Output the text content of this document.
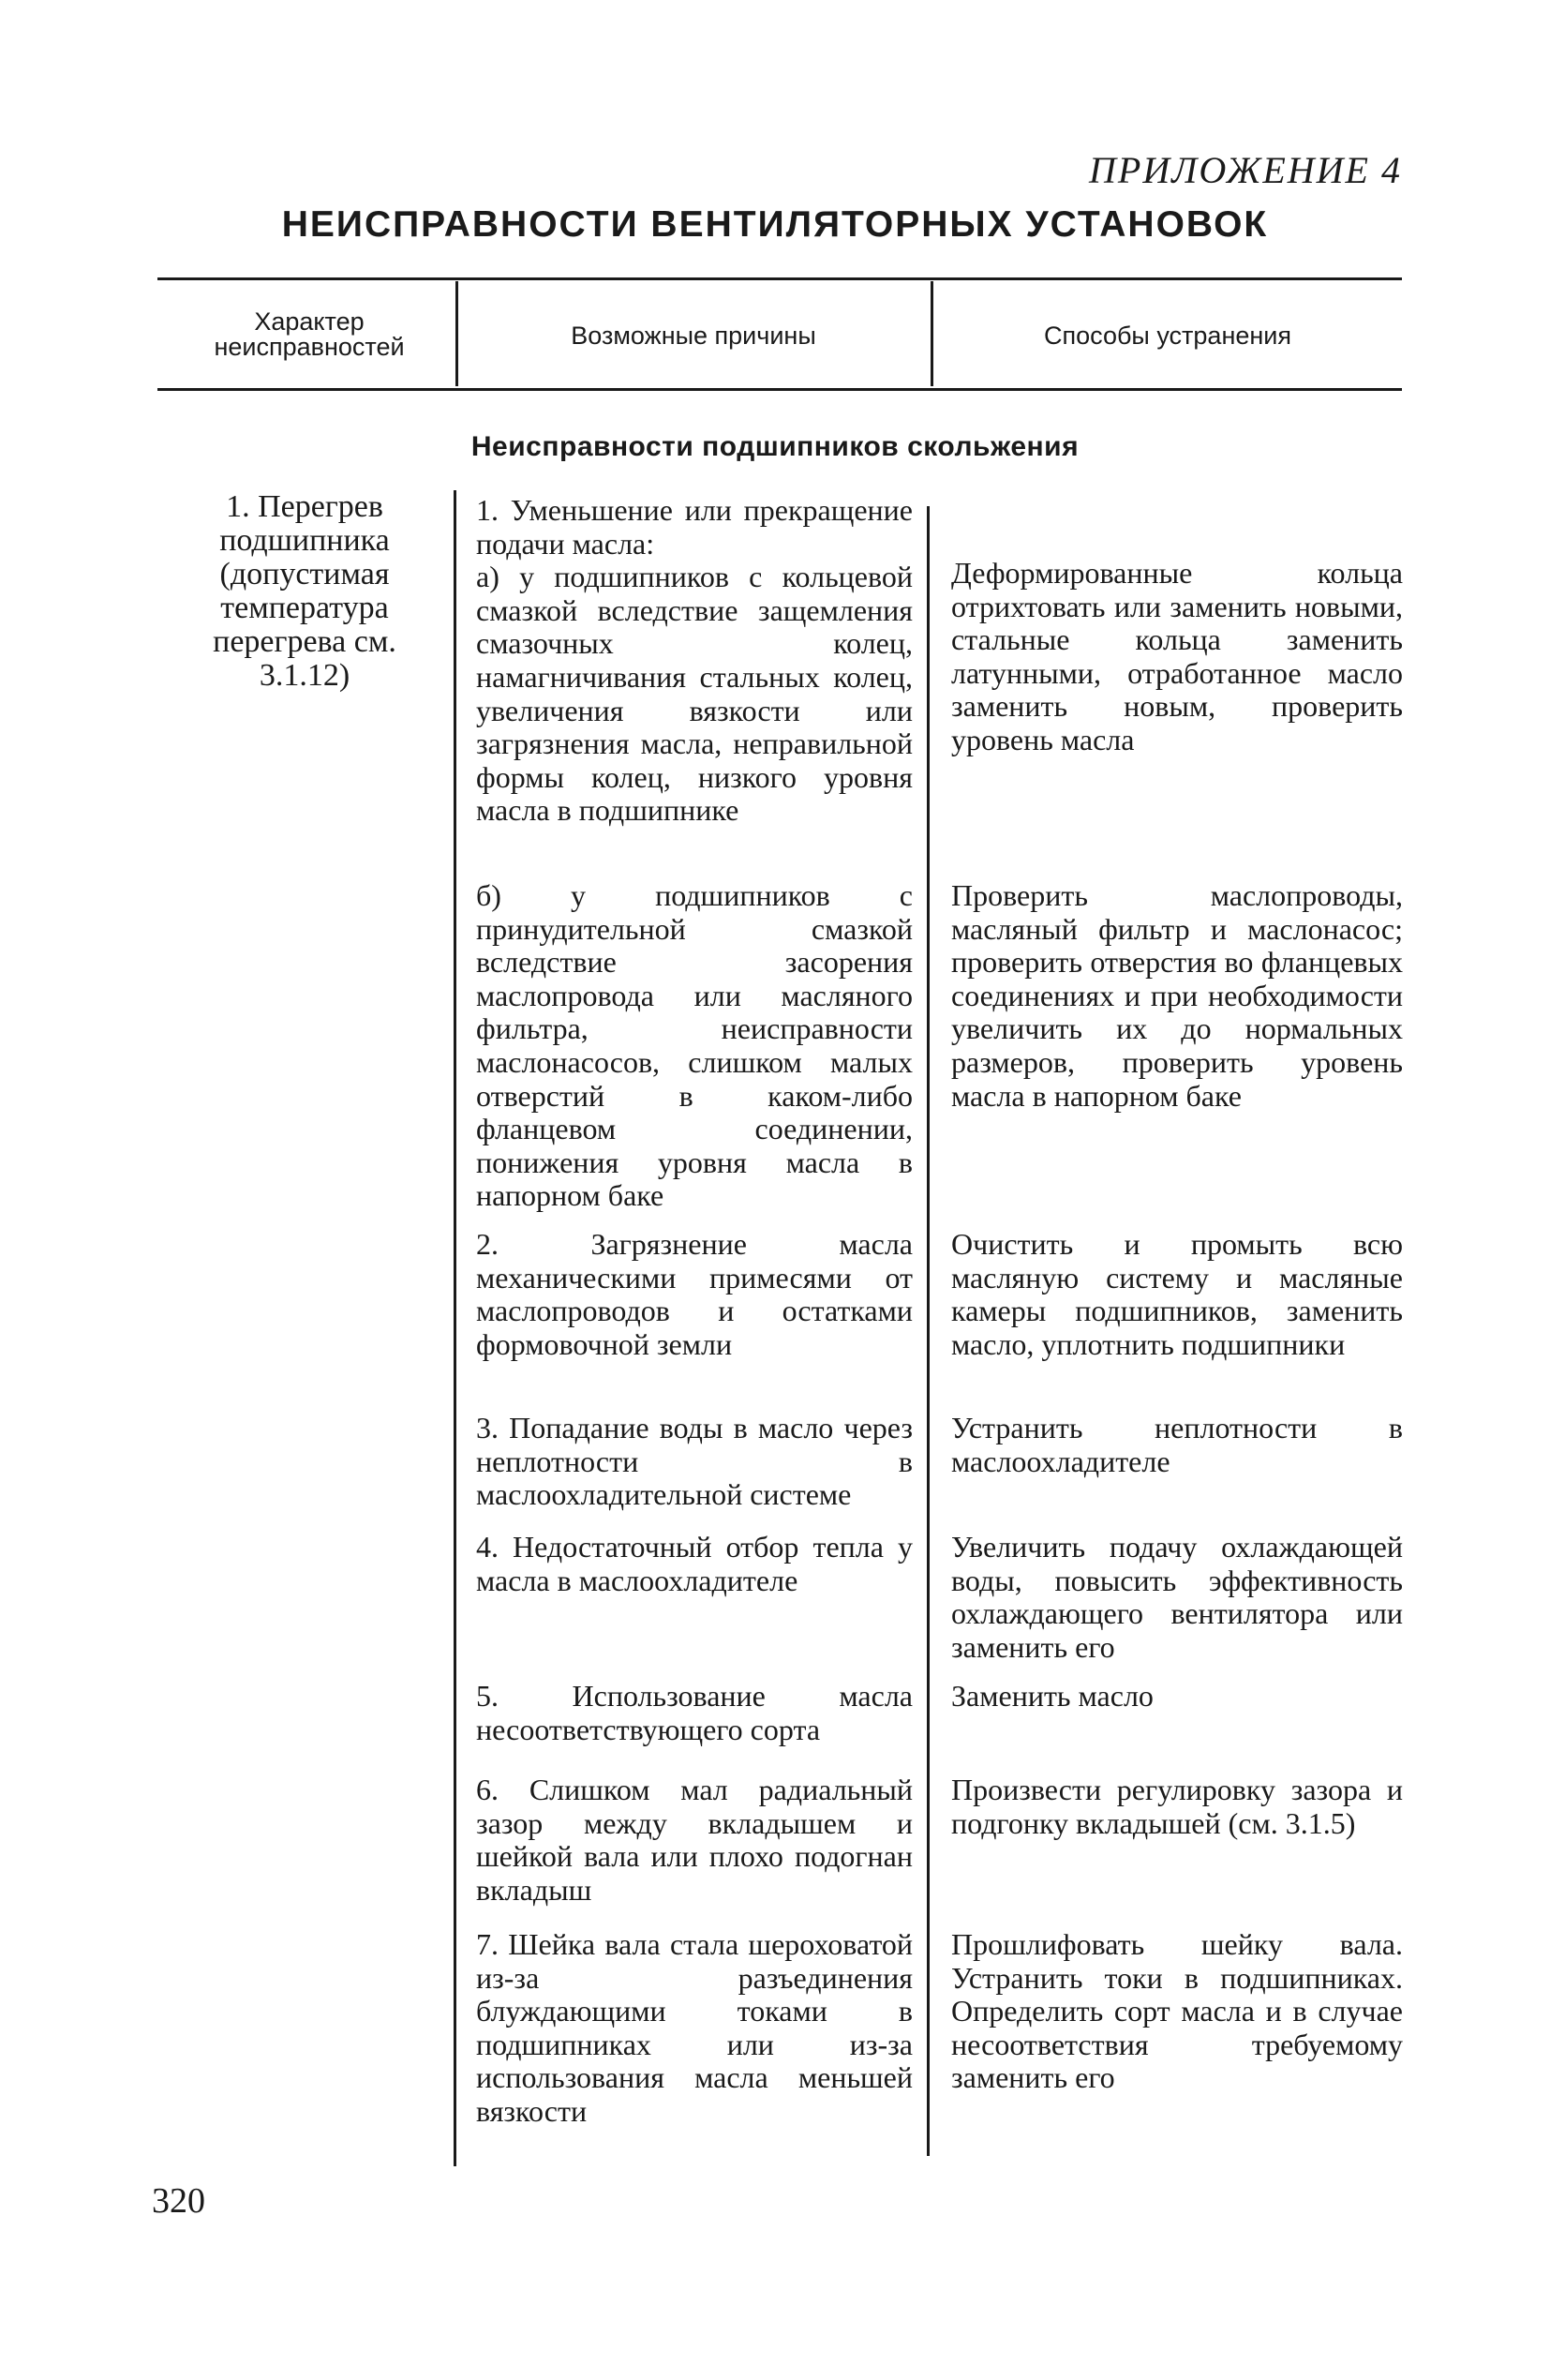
ПРИЛОЖЕНИЕ 4
НЕИСПРАВНОСТИ ВЕНТИЛЯТОРНЫХ УСТАНОВОК
Характер неисправностей	Возможные причины	Способы устранения
Неисправности подшипников скольжения
1. Перегрев подшипника (допустимая температура перегрева см. 3.1.12)
1. Уменьшение или прекращение подачи масла:
а) у подшипников с кольцевой смазкой вследствие защемления смазочных колец, намагничивания стальных колец, увеличения вязкости или загрязнения масла, неправильной формы колец, низкого уровня масла в подшипнике
б) у подшипников с принудительной смазкой вследствие засорения маслопровода или масляного фильтра, неисправности маслонасосов, слишком малых отверстий в каком-либо фланцевом соединении, понижения уровня масла в напорном баке
2. Загрязнение масла механическими примесями от маслопроводов и остатками формовочной земли
3. Попадание воды в масло через неплотности в маслоохладительной системе
4. Недостаточный отбор тепла у масла в маслоохладителе
5. Использование масла несоответствующего сорта
6. Слишком мал радиальный зазор между вкладышем и шейкой вала или плохо подогнан вкладыш
7. Шейка вала стала шероховатой из-за разъединения блуждающими токами в подшипниках или из-за использования масла меньшей вязкости
Деформированные кольца отрихтовать или заменить новыми, стальные кольца заменить латунными, отработанное масло заменить новым, проверить уровень масла
Проверить маслопроводы, масляный фильтр и маслонасос; проверить отверстия во фланцевых соединениях и при необходимости увеличить их до нормальных размеров, проверить уровень масла в напорном баке
Очистить и промыть всю масляную систему и масляные камеры подшипников, заменить масло, уплотнить подшипники
Устранить неплотности в маслоохладителе
Увеличить подачу охлаждающей воды, повысить эффективность охлаждающего вентилятора или заменить его
Заменить масло
Произвести регулировку зазора и подгонку вкладышей (см. 3.1.5)
Прошлифовать шейку вала. Устранить токи в подшипниках. Определить сорт масла и в случае несоответствия требуемому заменить его
320
